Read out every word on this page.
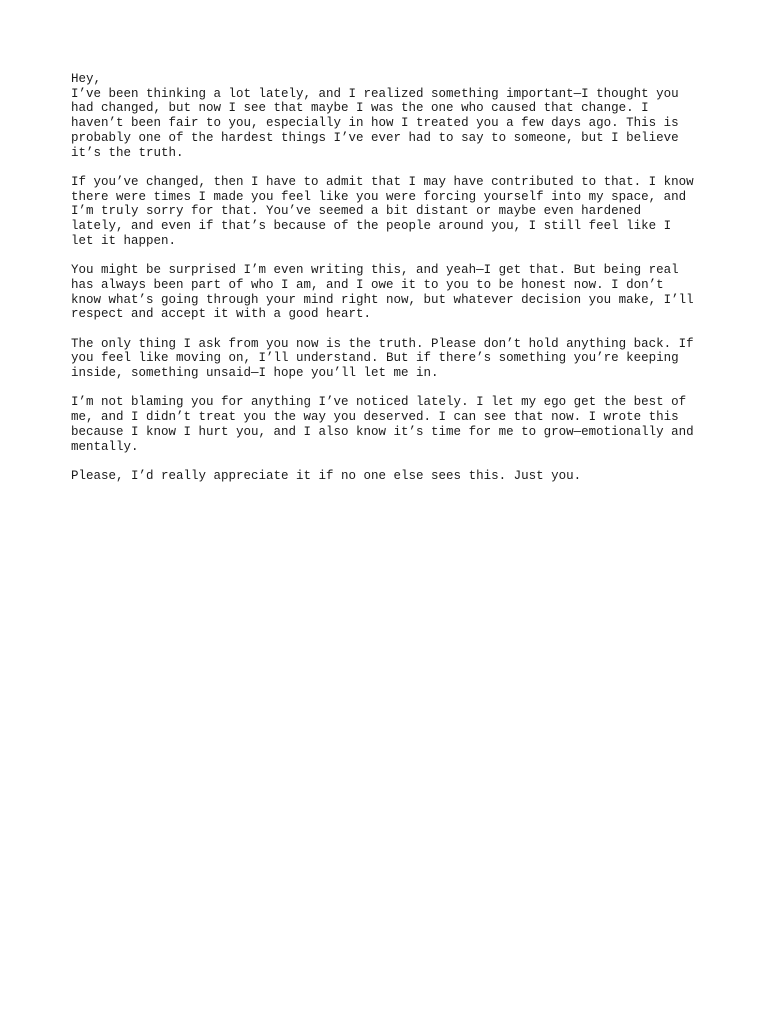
Hey,
I’ve been thinking a lot lately, and I realized something important—I thought you
had changed, but now I see that maybe I was the one who caused that change. I
haven’t been fair to you, especially in how I treated you a few days ago. This is
probably one of the hardest things I’ve ever had to say to someone, but I believe
it’s the truth.
If you’ve changed, then I have to admit that I may have contributed to that. I know
there were times I made you feel like you were forcing yourself into my space, and
I’m truly sorry for that. You’ve seemed a bit distant or maybe even hardened
lately, and even if that’s because of the people around you, I still feel like I
let it happen.
You might be surprised I’m even writing this, and yeah—I get that. But being real
has always been part of who I am, and I owe it to you to be honest now. I don’t
know what’s going through your mind right now, but whatever decision you make, I’ll
respect and accept it with a good heart.
The only thing I ask from you now is the truth. Please don’t hold anything back. If
you feel like moving on, I’ll understand. But if there’s something you’re keeping
inside, something unsaid—I hope you’ll let me in.
I’m not blaming you for anything I’ve noticed lately. I let my ego get the best of
me, and I didn’t treat you the way you deserved. I can see that now. I wrote this
because I know I hurt you, and I also know it’s time for me to grow—emotionally and
mentally.
Please, I’d really appreciate it if no one else sees this. Just you.
